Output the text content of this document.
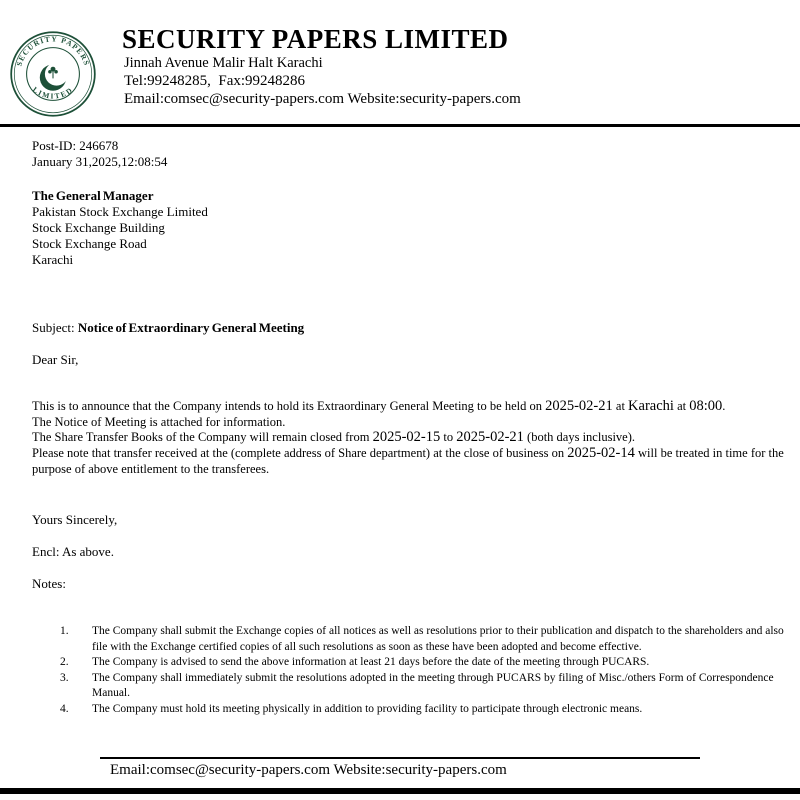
SECURITY PAPERS
LIMITED
SECURITY PAPERS LIMITED
Jinnah Avenue Malir Halt Karachi
Tel:99248285,  Fax:99248286
Email:comsec@security-papers.com Website:security-papers.com
Post-ID: 246678
January 31,2025,12:08:54
The General Manager
Pakistan Stock Exchange Limited
Stock Exchange Building
Stock Exchange Road
Karachi
Subject: Notice of Extraordinary General Meeting
Dear Sir,
This is to announce that the Company intends to hold its Extraordinary General Meeting to be held on 2025-02-21 at Karachi at 08:00.
The Notice of Meeting is attached for information.
The Share Transfer Books of the Company will remain closed from 2025-02-15 to 2025-02-21 (both days inclusive).
Please note that transfer received at the (complete address of Share department) at the close of business on 2025-02-14 will be treated in time for the purpose of above entitlement to the transferees.
Yours Sincerely,
Encl: As above.
Notes:
1.	The Company shall submit the Exchange copies of all notices as well as resolutions prior to their publication and dispatch to the shareholders and also file with the Exchange certified copies of all such resolutions as soon as these have been adopted and become effective.
2.	The Company is advised to send the above information at least 21 days before the date of the meeting through PUCARS.
3.	The Company shall immediately submit the resolutions adopted in the meeting through PUCARS by filing of Misc./others Form of Correspondence Manual.
4.	The Company must hold its meeting physically in addition to providing facility to participate through electronic means.
Email:comsec@security-papers.com Website:security-papers.com
